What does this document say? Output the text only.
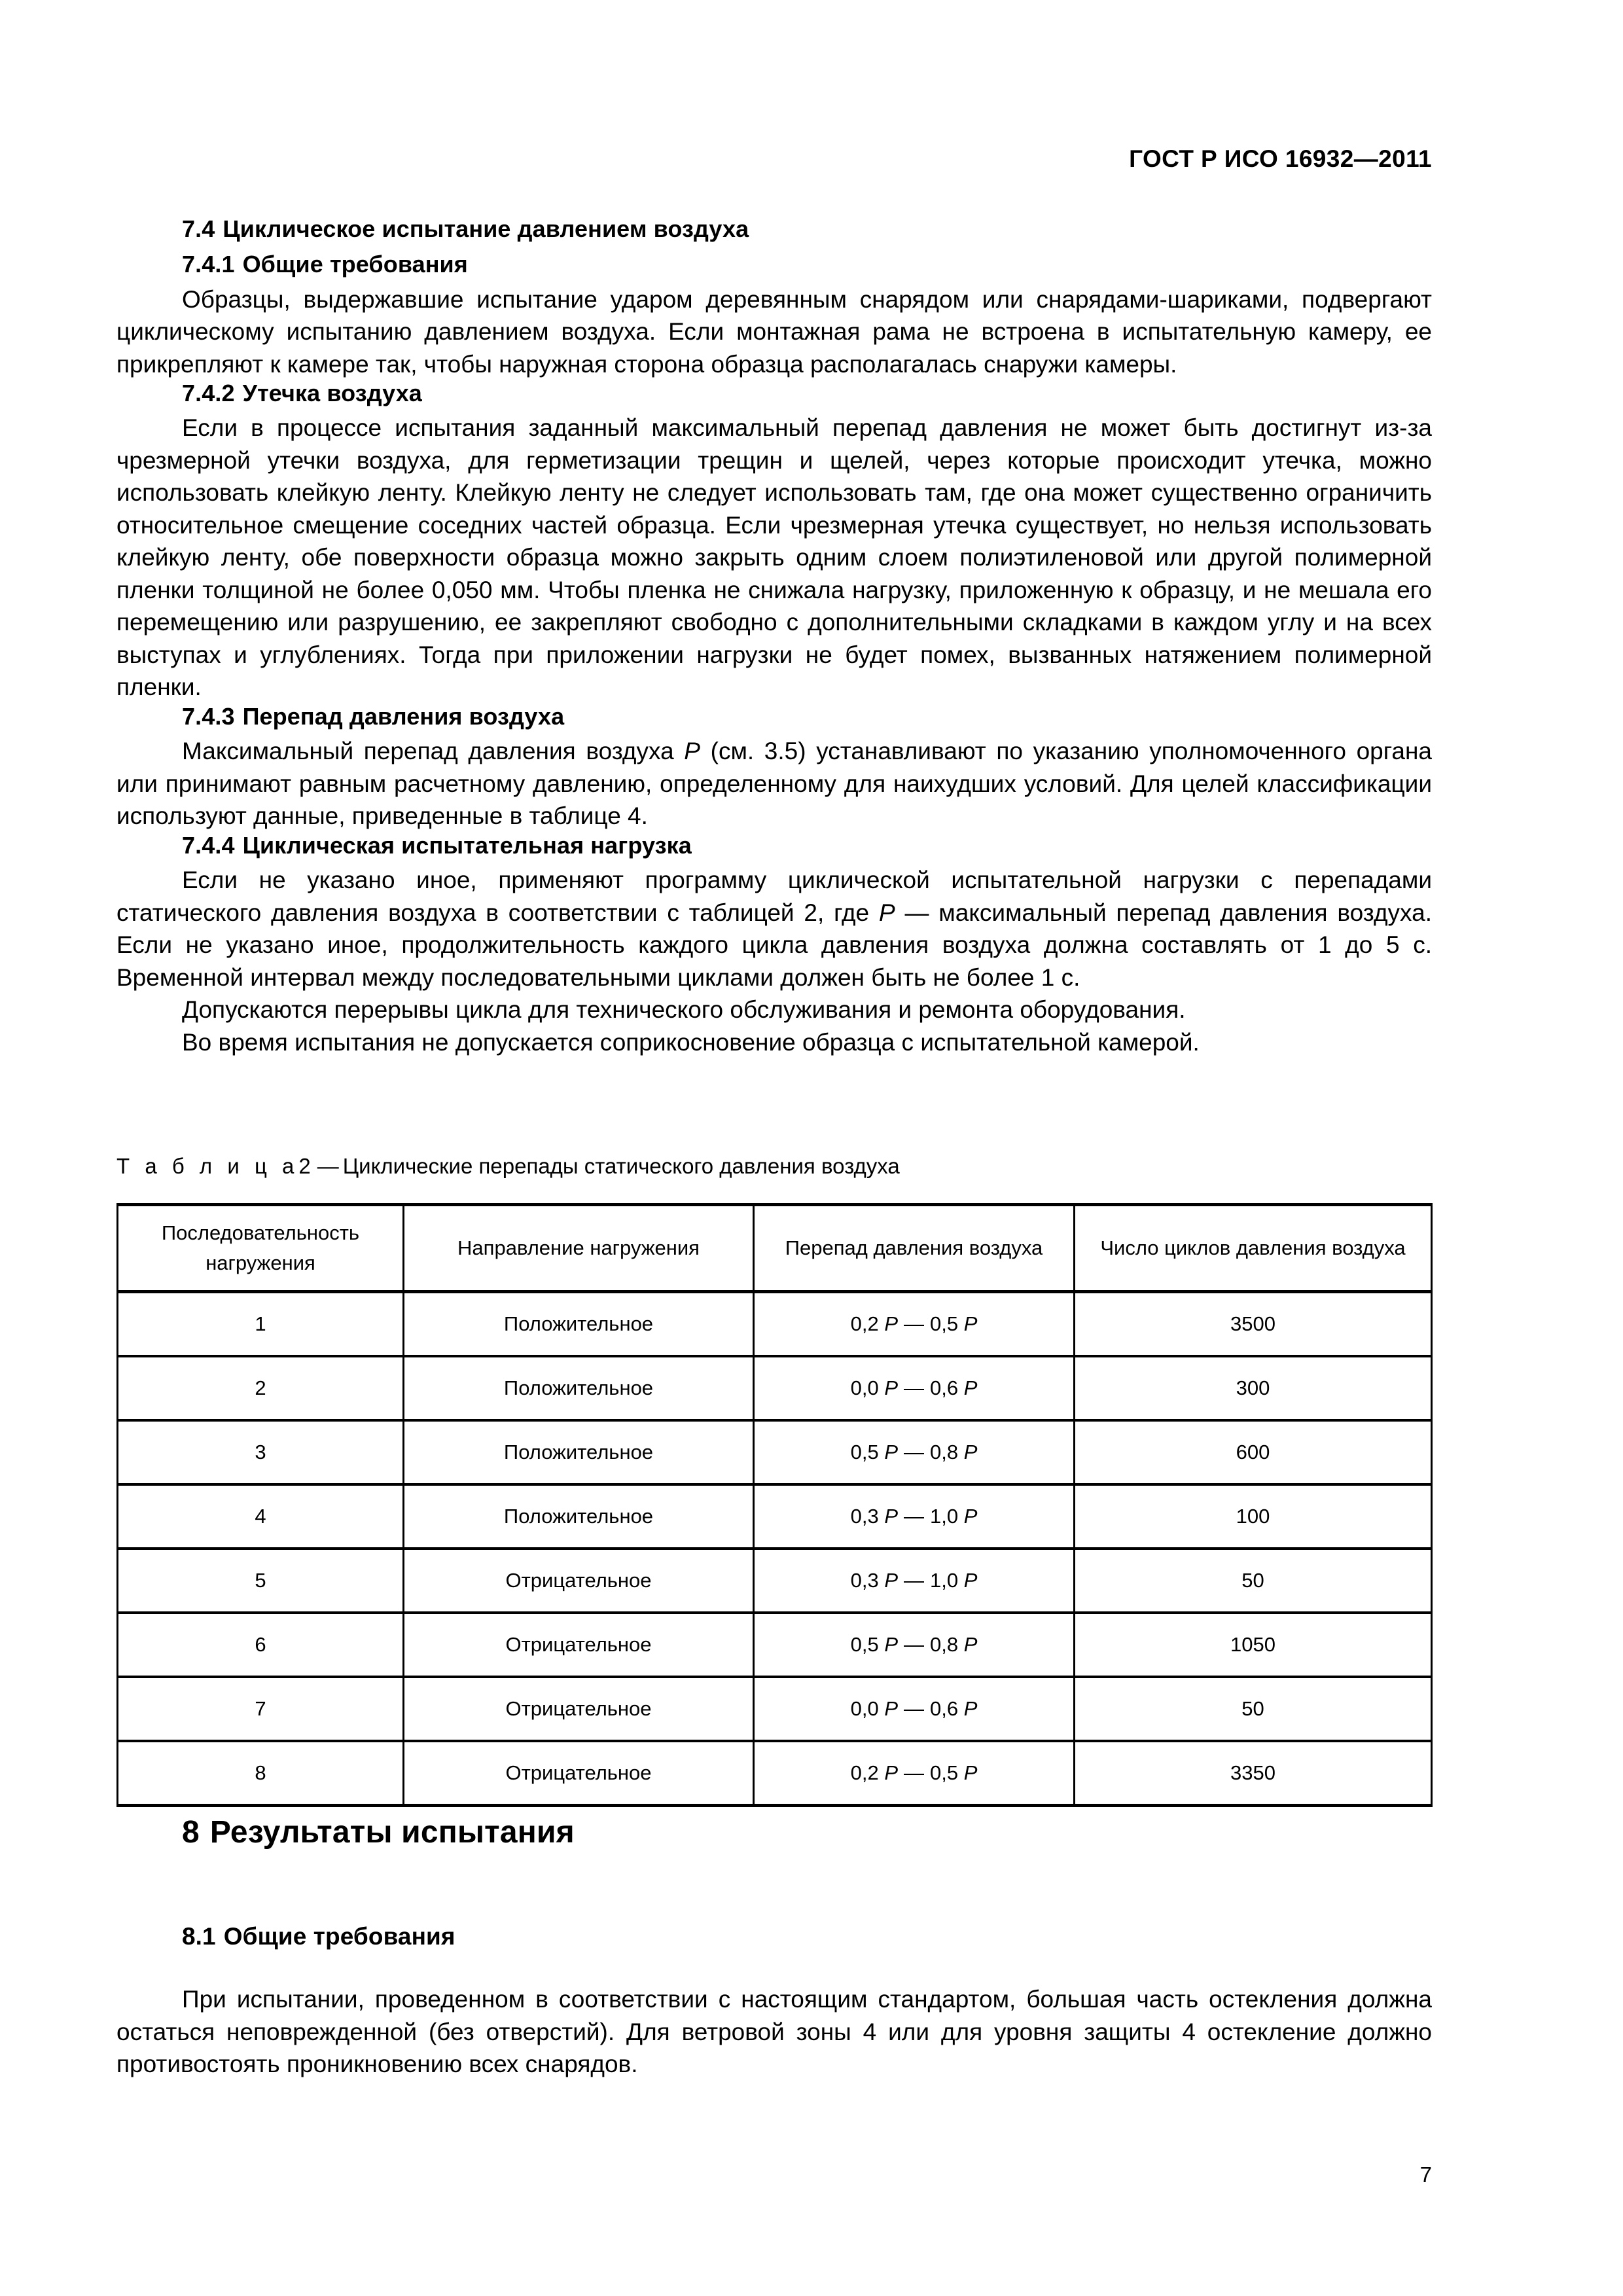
ГОСТ Р ИСО 16932—2011
7.4 Циклическое испытание давлением воздуха
7.4.1 Общие требования

Образцы, выдержавшие испытание ударом деревянным снарядом или снарядами-шариками, подвергают циклическому испытанию давлением воздуха. Если монтажная рама не встроена в испытательную камеру, ее прикрепляют к камере так, чтобы наружная сторона образца располагалась снаружи камеры.

7.4.2 Утечка воздуха

Если в процессе испытания заданный максимальный перепад давления не может быть достигнут из-за чрезмерной утечки воздуха, для герметизации трещин и щелей, через которые происходит утечка, можно использовать клейкую ленту. Клейкую ленту не следует использовать там, где она может существенно ограничить относительное смещение соседних частей образца. Если чрезмерная утечка существует, но нельзя использовать клейкую ленту, обе поверхности образца можно закрыть одним слоем полиэтиленовой или другой полимерной пленки толщиной не более 0,050 мм. Чтобы пленка не снижала нагрузку, приложенную к образцу, и не мешала его перемещению или разрушению, ее закрепляют свободно с дополнительными складками в каждом углу и на всех выступах и углублениях. Тогда при приложении нагрузки не будет помех, вызванных натяжением полимерной пленки.

7.4.3 Перепад давления воздуха

Максимальный перепад давления воздуха P (см. 3.5) устанавливают по указанию уполномоченного органа или принимают равным расчетному давлению, определенному для наихудших условий. Для целей классификации используют данные, приведенные в таблице 4.

7.4.4 Циклическая испытательная нагрузка

Если не указано иное, применяют программу циклической испытательной нагрузки с перепадами статического давления воздуха в соответствии с таблицей 2, где P — максимальный перепад давления воздуха. Если не указано иное, продолжительность каждого цикла давления воздуха должна составлять от 1 до 5 с. Временной интервал между последовательными циклами должен быть не более 1 с.

Допускаются перерывы цикла для технического обслуживания и ремонта оборудования.

Во время испытания не допускается соприкосновение образца с испытательной камерой.

Т а б л и ц а2 — Циклические перепады статического давления воздуха
Последовательность нагружения	Направление нагружения	Перепад давления воздуха	Число циклов давления воздуха
1	Положительное	0,2 P — 0,5 P	3500
2	Положительное	0,0 P — 0,6 P	300
3	Положительное	0,5 P — 0,8 P	600
4	Положительное	0,3 P — 1,0 P	100
5	Отрицательное	0,3 P — 1,0 P	50
6	Отрицательное	0,5 P — 0,8 P	1050
7	Отрицательное	0,0 P — 0,6 P	50
8	Отрицательное	0,2 P — 0,5 P	3350
8 Результаты испытания
8.1 Общие требования

При испытании, проведенном в соответствии с настоящим стандартом, большая часть остекления должна остаться неповрежденной (без отверстий). Для ветровой зоны 4 или для уровня защиты 4 остекление должно противостоять проникновению всех снарядов.

7
